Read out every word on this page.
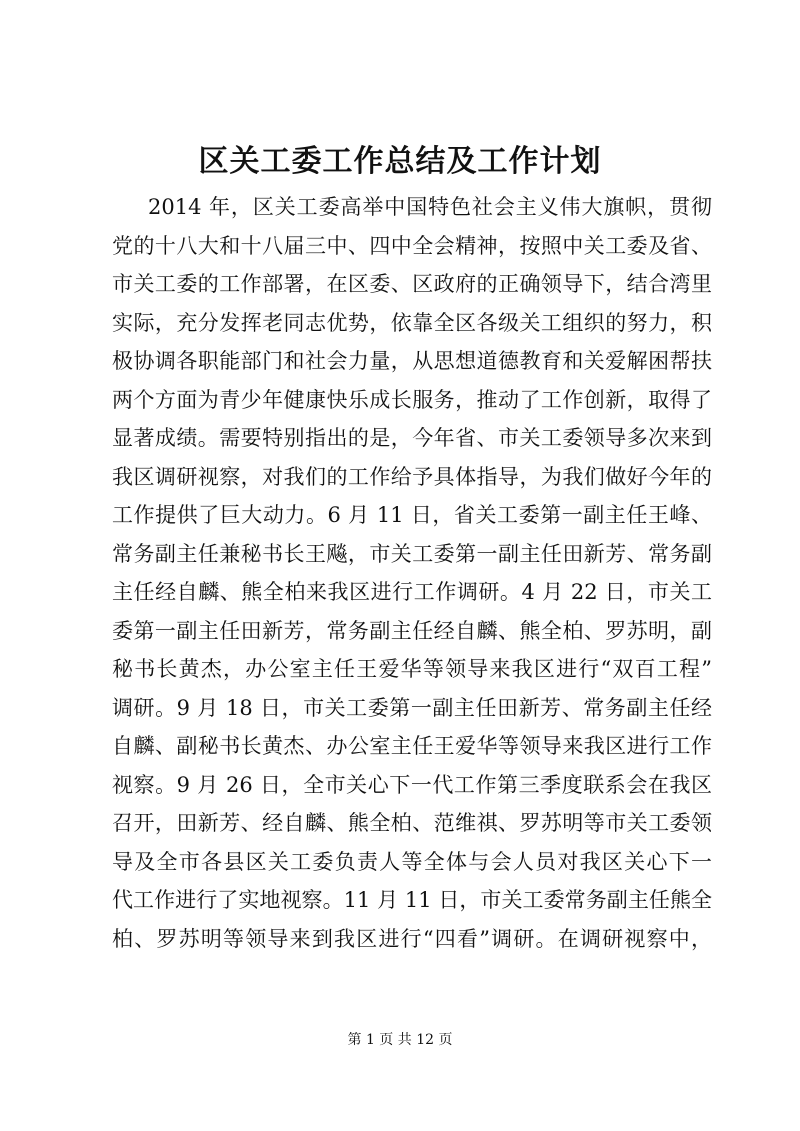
区关工委工作总结及工作计划
2014 年，区关工委高举中国特色社会主义伟大旗帜，贯彻
党的十八大和十八届三中、四中全会精神，按照中关工委及省、
市关工委的工作部署，在区委、区政府的正确领导下，结合湾里
实际，充分发挥老同志优势，依靠全区各级关工组织的努力，积
极协调各职能部门和社会力量，从思想道德教育和关爱解困帮扶
两个方面为青少年健康快乐成长服务，推动了工作创新，取得了
显著成绩。需要特别指出的是，今年省、市关工委领导多次来到
我区调研视察，对我们的工作给予具体指导，为我们做好今年的
工作提供了巨大动力。6 月 11 日，省关工委第一副主任王峰、
常务副主任兼秘书长王飚，市关工委第一副主任田新芳、常务副
主任经自麟、熊全柏来我区进行工作调研。4 月 22 日，市关工
委第一副主任田新芳，常务副主任经自麟、熊全柏、罗苏明，副
秘书长黄杰，办公室主任王爱华等领导来我区进行“双百工程”
调研。9 月 18 日，市关工委第一副主任田新芳、常务副主任经
自麟、副秘书长黄杰、办公室主任王爱华等领导来我区进行工作
视察。9 月 26 日，全市关心下一代工作第三季度联系会在我区
召开，田新芳、经自麟、熊全柏、范维祺、罗苏明等市关工委领
导及全市各县区关工委负责人等全体与会人员对我区关心下一
代工作进行了实地视察。11 月 11 日，市关工委常务副主任熊全
柏、罗苏明等领导来到我区进行“四看”调研。在调研视察中，
第 1 页 共 12 页
